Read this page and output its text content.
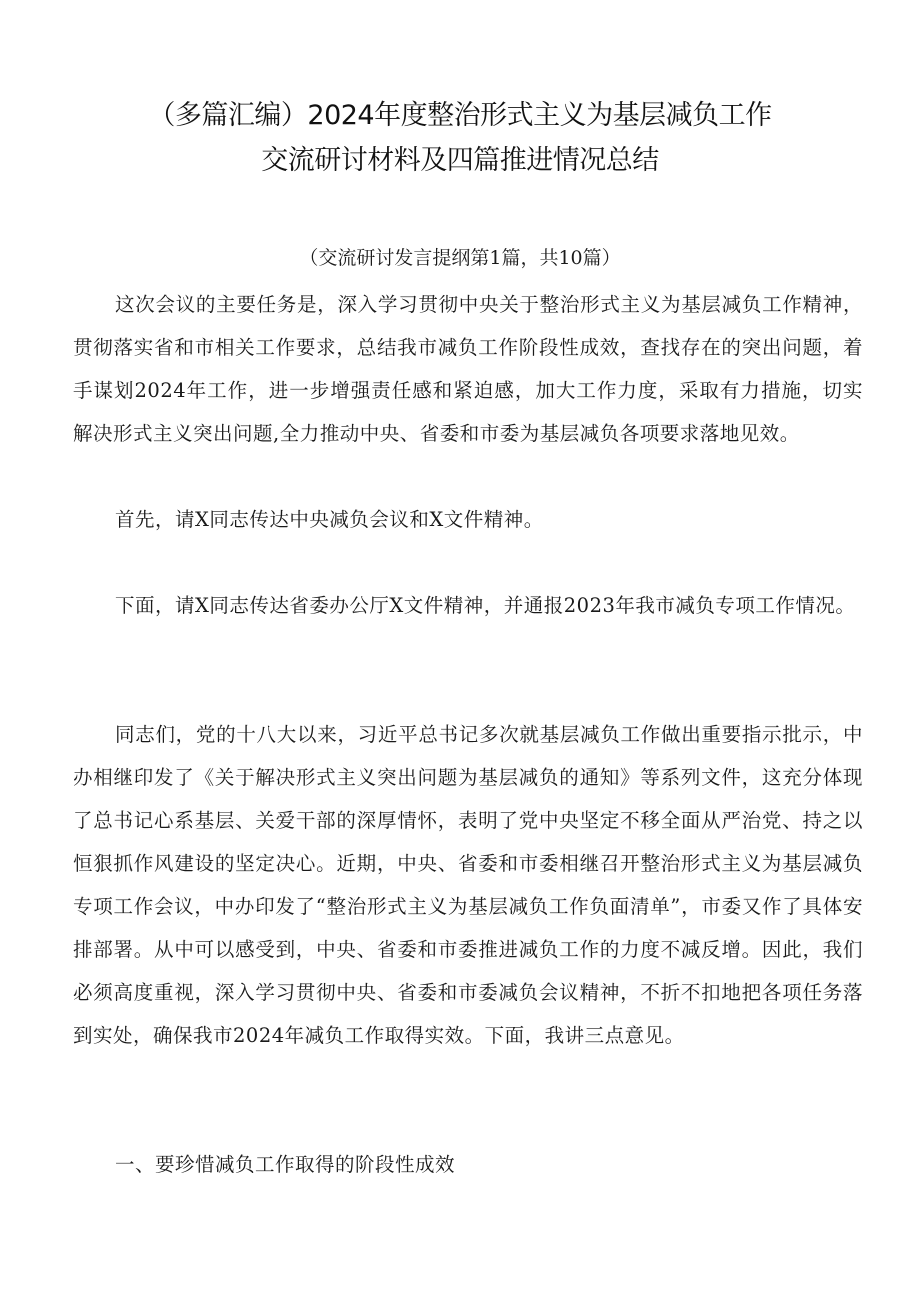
（多篇汇编）2024年度整治形式主义为基层减负工作
交流研讨材料及四篇推进情况总结
（交流研讨发言提纲第1篇，共10篇）

这次会议的主要任务是，深入学习贯彻中央关于整治形式主义为基层减负工作精神，贯彻落实省和市相关工作要求，总结我市减负工作阶段性成效，查找存在的突出问题，着手谋划2024年工作，进一步增强责任感和紧迫感，加大工作力度，采取有力措施，切实解决形式主义突出问题,全力推动中央、省委和市委为基层减负各项要求落地见效。

首先，请X同志传达中央减负会议和X文件精神。

下面，请X同志传达省委办公厅X文件精神，并通报2023年我市减负专项工作情况。

同志们，党的十八大以来，习近平总书记多次就基层减负工作做出重要指示批示，中办相继印发了《关于解决形式主义突出问题为基层减负的通知》等系列文件，这充分体现了总书记心系基层、关爱干部的深厚情怀，表明了党中央坚定不移全面从严治党、持之以恒狠抓作风建设的坚定决心。近期，中央、省委和市委相继召开整治形式主义为基层减负专项工作会议，中办印发了“整治形式主义为基层减负工作负面清单”，市委又作了具体安排部署。从中可以感受到，中央、省委和市委推进减负工作的力度不减反增。因此，我们必须高度重视，深入学习贯彻中央、省委和市委减负会议精神，不折不扣地把各项任务落到实处，确保我市2024年减负工作取得实效。下面，我讲三点意见。

一、要珍惜减负工作取得的阶段性成效
